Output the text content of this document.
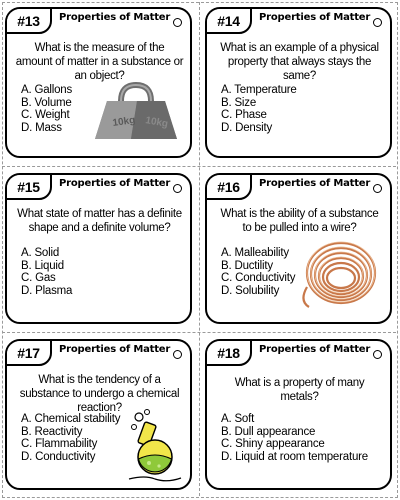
#13	Properties of Matter
What is the measure of the amount of matter in a substance or an object?
A. Gallons
B. Volume
C. Weight
D. Mass	10kg 10kg
#14	Properties of Matter
What is an example of a physical property that always stays the same?
A. Temperature
B. Size
C. Phase
D. Density
#15	Properties of Matter
What state of matter has a definite shape and a definite volume?
A. Solid
B. Liquid
C. Gas
D. Plasma
#16	Properties of Matter
What is the ability of a substance to be pulled into a wire?
A. Malleability
B. Ductility
C. Conductivity
D. Solubility
#17	Properties of Matter
What is the tendency of a substance to undergo a chemical reaction?
A. Chemical stability
B. Reactivity
C. Flammability
D. Conductivity
#18	Properties of Matter
What is a property of many metals?
A. Soft
B. Dull appearance
C. Shiny appearance
D. Liquid at room temperature
